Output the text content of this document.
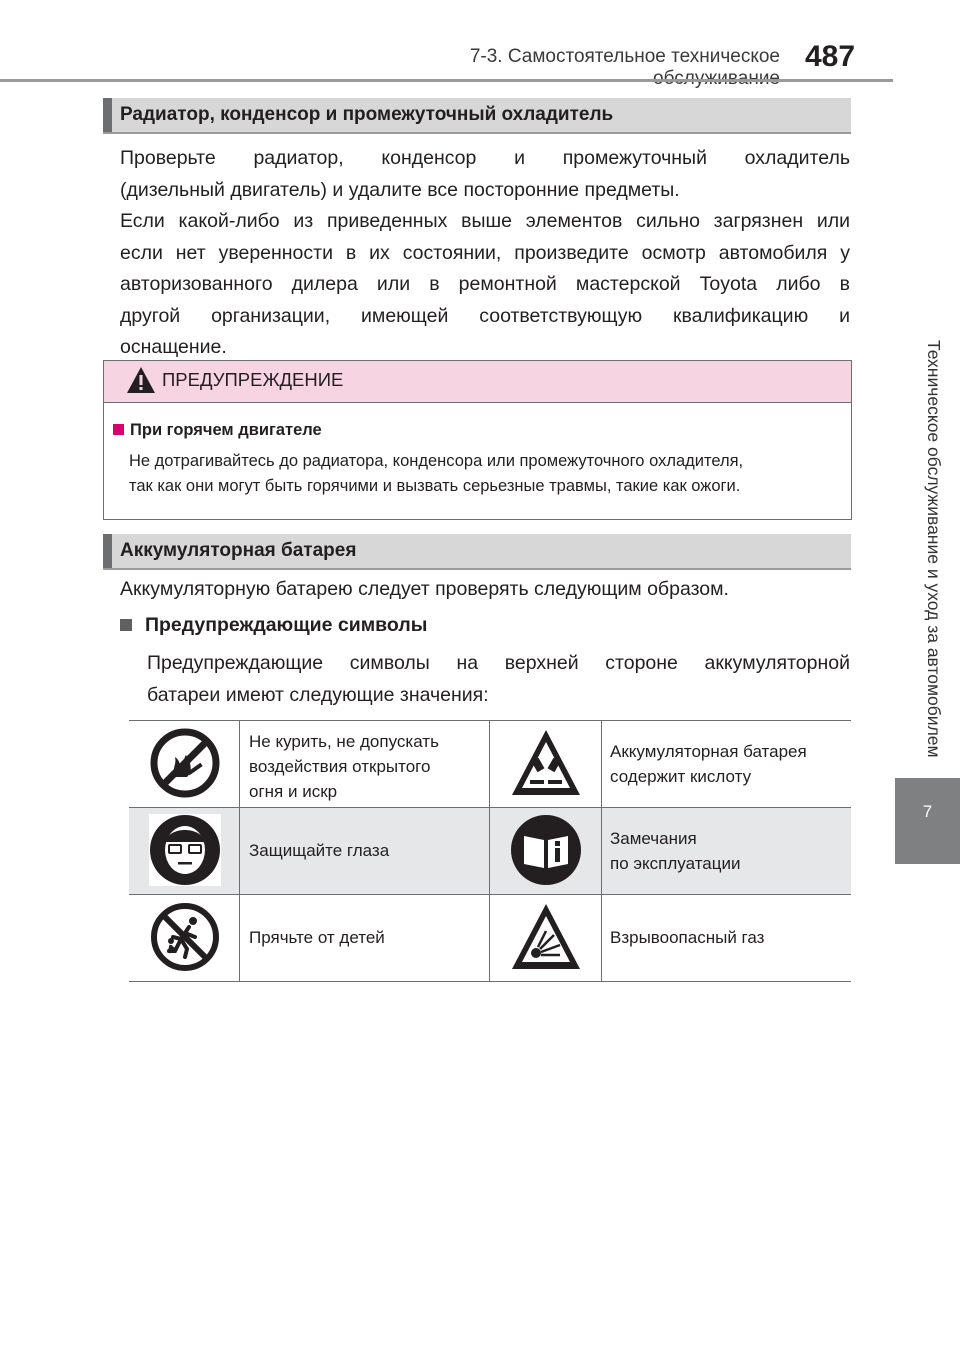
7-3. Самостоятельное техническое 487
Техническое обслуживание и уход за автомобилем
7
Радиатор, конденсор и промежуточный охладитель
Проверьте радиатор, конденсор и промежуточный охладитель
(дизельный двигатель) и удалите все посторонние предметы.
Если какой-либо из приведенных выше элементов сильно загрязнен или
если нет уверенности в их состоянии, произведите осмотр автомобиля у
авторизованного дилера или в ремонтной мастерской Toyota либо в
другой организации, имеющей соответствующую квалификацию и
оснащение.
ПРЕДУПРЕЖДЕНИЕ
При горячем двигателе
Не дотрагивайтесь до радиатора, конденсора или промежуточного охладителя,
так как они могут быть горячими и вызвать серьезные травмы, такие как ожоги.
Аккумуляторная батарея
Аккумуляторную батарею следует проверять следующим образом.
Предупреждающие символы
Предупреждающие символы на верхней стороне аккумуляторной
батареи имеют следующие значения:
Не курить, не допускать
воздействия открытого
огня и искр
Аккумуляторная батарея
содержит кислоту
Защищайте глаза
Замечания
по эксплуатации
Прячьте от детей	Взрывоопасный газ
